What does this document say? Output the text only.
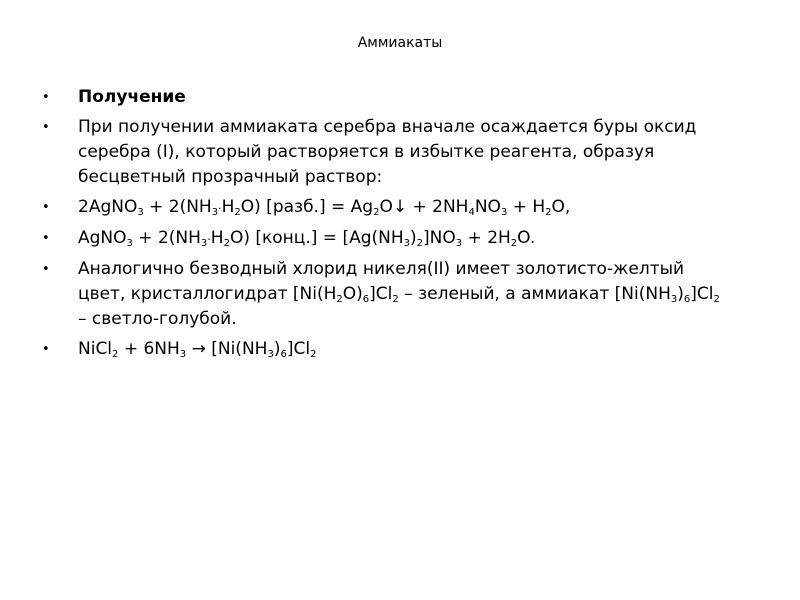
Аммиакаты
• Получение
• При получении аммиаката серебра вначале осаждается буры оксид серебра (I), который растворяется в избытке реагента, образуя бесцветный прозрачный раствор:
• 2AgNO$_3$ + $2(NH_3\cdot H_2O)$ [разб.] = $Ag_2O↓ + 2NH_4NO_3 + H_2O$,
• AgNO$_3$ + $2(NH_3\cdot H_2O)$ [конц.] = $[Ag(NH_3)_2]NO_3 + 2H_2O$.
• Аналогично безводный хлорид никеля(II) имеет золотисто-желтый цвет, кристаллогидрат $[Ni(H_2O)_6]Cl_2$ – зеленый, а аммиакат $[Ni(NH_3)_6]Cl_2$ – светло-голубой.
• NiCl$_2$ + $6NH_3 \to [Ni(NH_3)_6]Cl_2$
